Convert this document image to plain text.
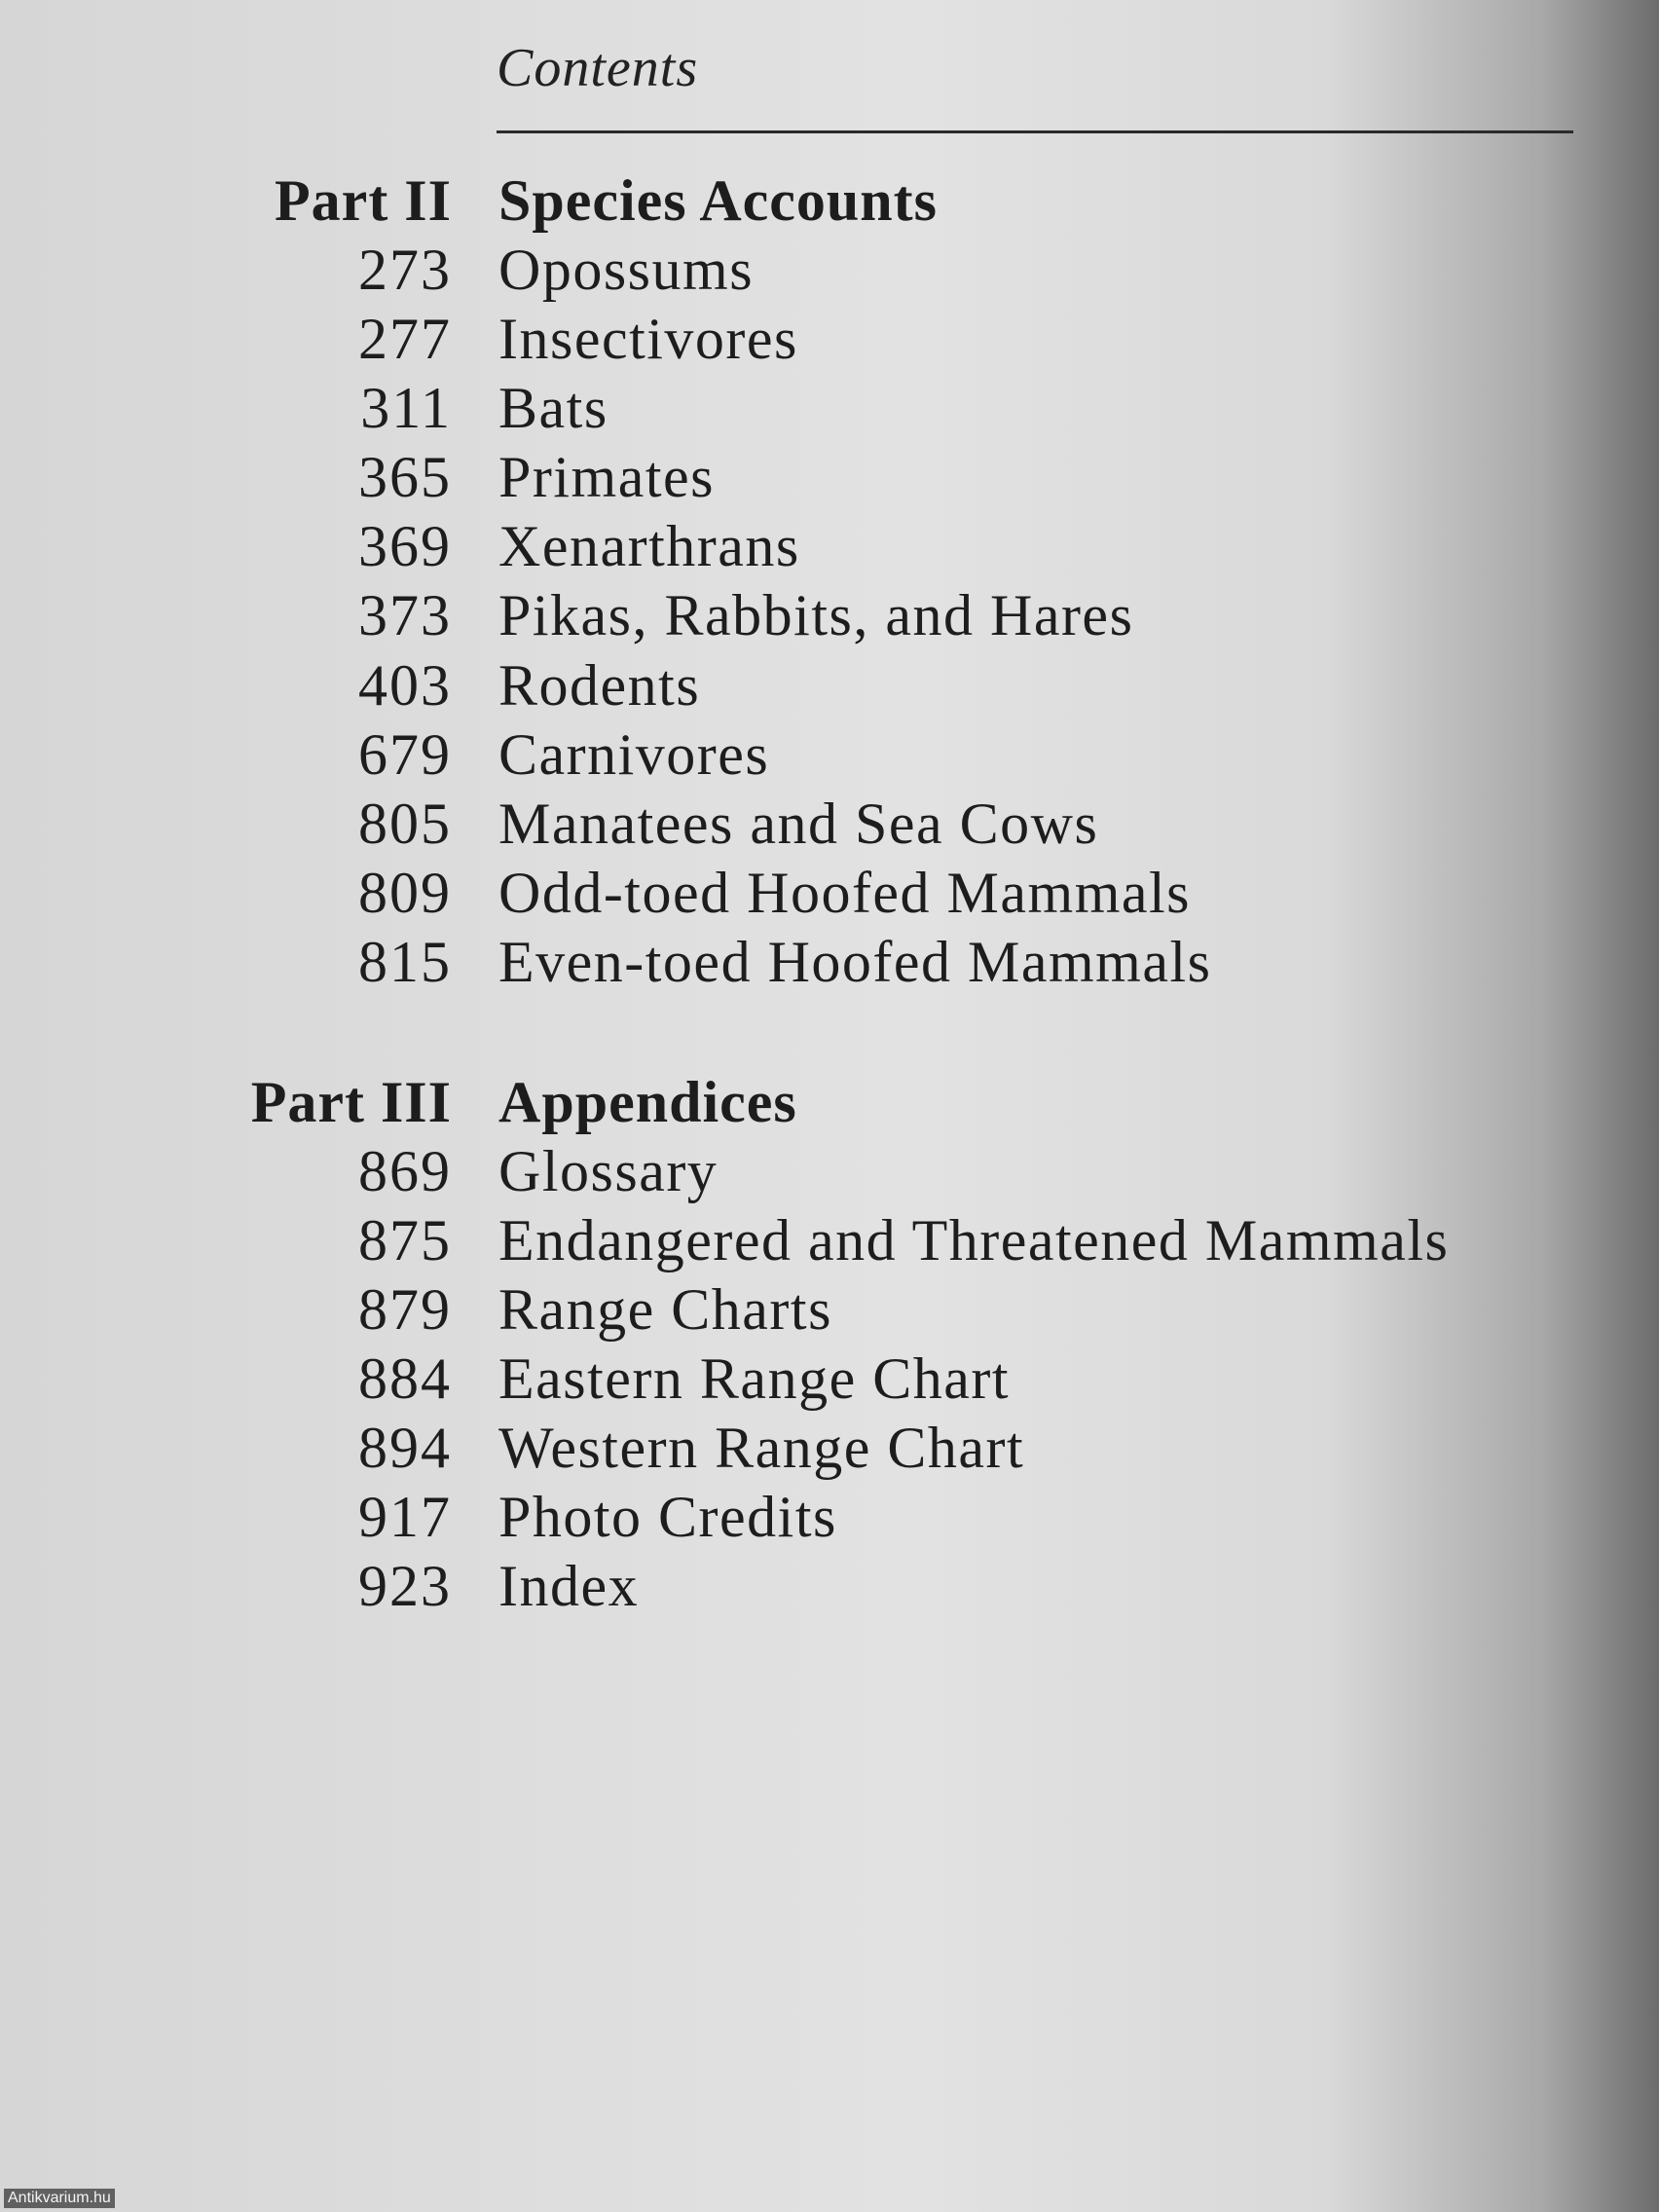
Contents
Part II Species Accounts
273 Opossums
277 Insectivores
311 Bats
365 Primates
369 Xenarthrans
373 Pikas, Rabbits, and Hares
403 Rodents
679 Carnivores
805 Manatees and Sea Cows
809 Odd-toed Hoofed Mammals
815 Even-toed Hoofed Mammals
Part III Appendices
869 Glossary
875 Endangered and Threatened Mammals
879 Range Charts
884 Eastern Range Chart
894 Western Range Chart
917 Photo Credits
923 Index
Antikvarium.hu
